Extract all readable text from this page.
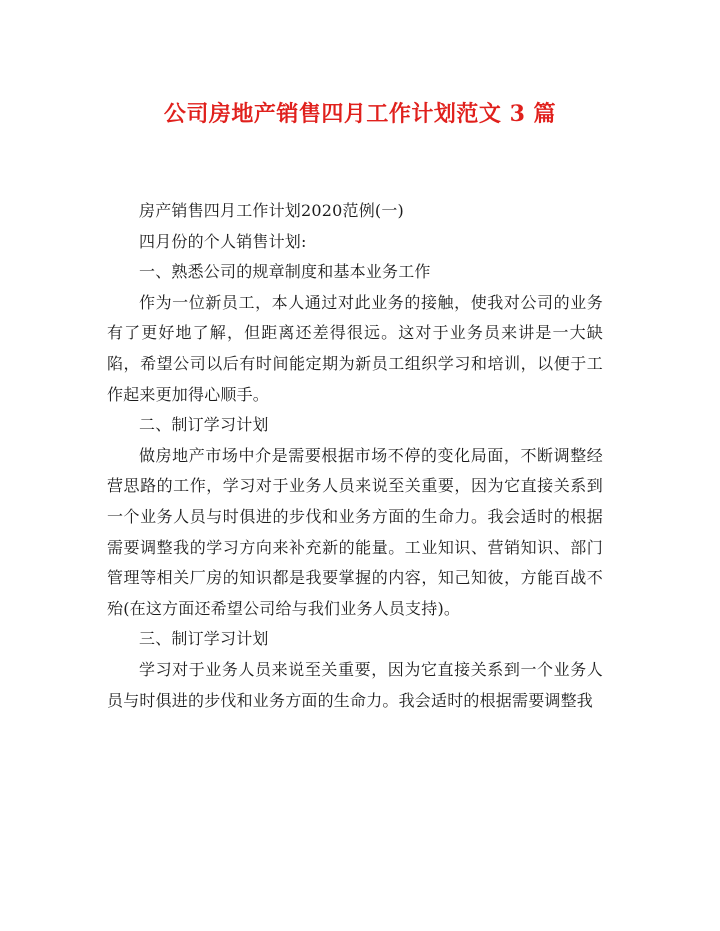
公司房地产销售四月工作计划范文 3 篇

房产销售四月工作计划2020范例(一)

四月份的个人销售计划:

一、熟悉公司的规章制度和基本业务工作

作为一位新员工，本人通过对此业务的接触，使我对公司的业务有了更好地了解，但距离还差得很远。这对于业务员来讲是一大缺陷，希望公司以后有时间能定期为新员工组织学习和培训，以便于工作起来更加得心顺手。

二、制订学习计划

做房地产市场中介是需要根据市场不停的变化局面，不断调整经营思路的工作，学习对于业务人员来说至关重要，因为它直接关系到一个业务人员与时俱进的步伐和业务方面的生命力。我会适时的根据需要调整我的学习方向来补充新的能量。工业知识、营销知识、部门管理等相关厂房的知识都是我要掌握的内容，知己知彼，方能百战不殆(在这方面还希望公司给与我们业务人员支持)。

三、制订学习计划

学习对于业务人员来说至关重要，因为它直接关系到一个业务人员与时俱进的步伐和业务方面的生命力。我会适时的根据需要调整我
